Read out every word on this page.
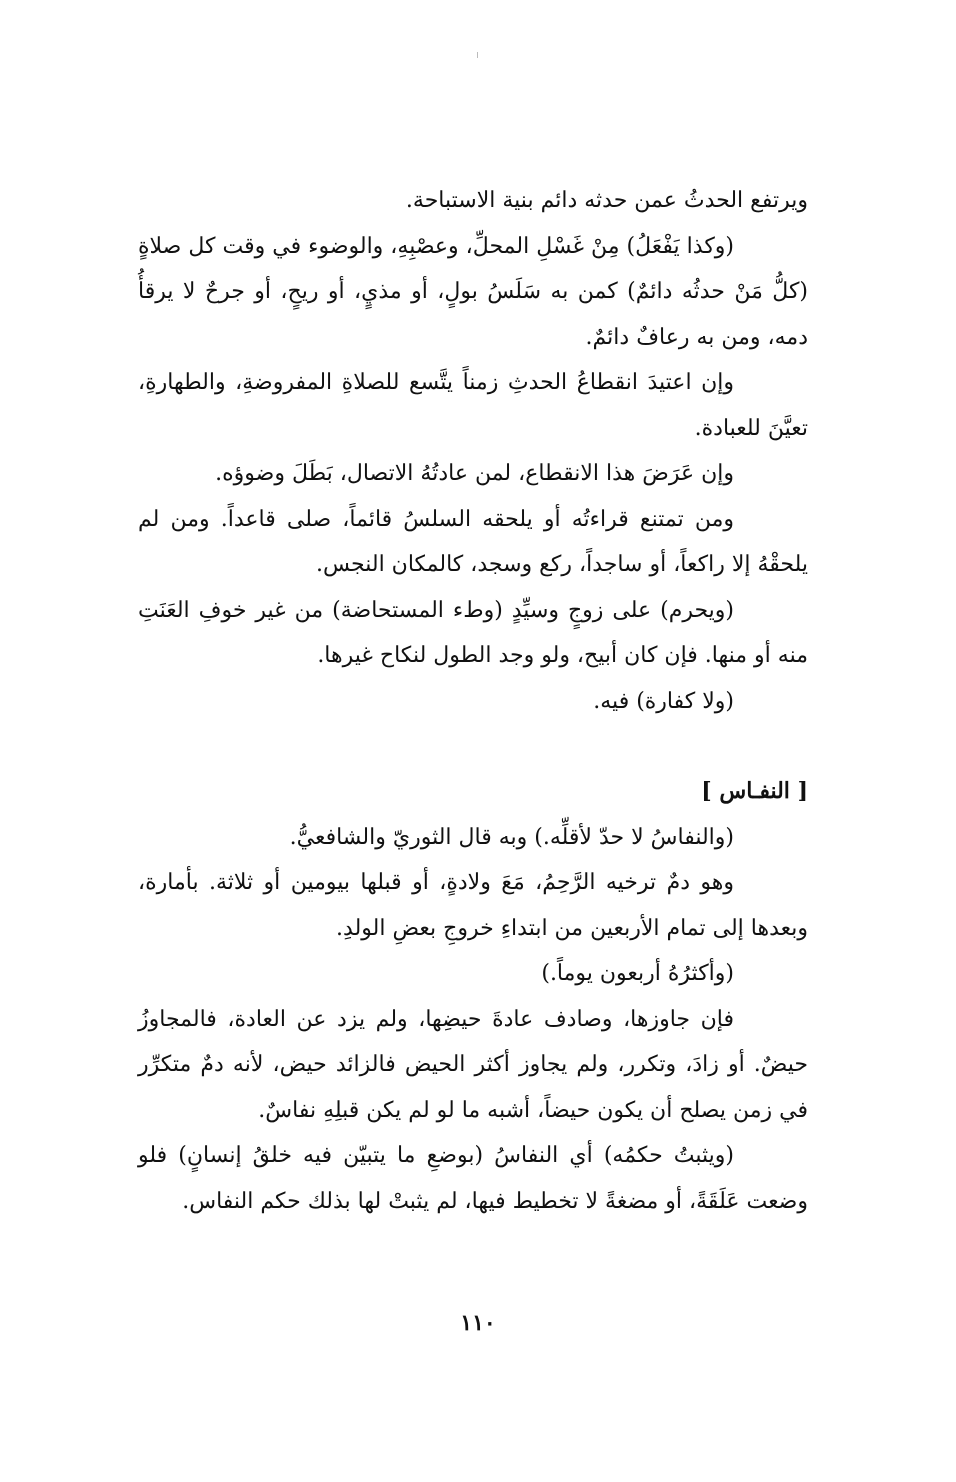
ويرتفع الحدثُ عمن حدثه دائم بنية الاستباحة.

(وكذا يَفْعَلُ) مِنْ غَسْلِ المحلِّ، وعصْبِهِ، والوضوء في وقت كل صلاةٍ (كلُّ مَنْ حدثُه دائمٌ) كمن به سَلَسُ بولٍ، أو مذيٍ، أو ريحٍ، أو جرحٌ لا يرقأُ دمه، ومن به رعافٌ دائمٌ.

وإن اعتيدَ انقطاعُ الحدثِ زمناً يتَّسع للصلاةِ المفروضةِ، والطهارةِ، تعيَّنَ للعبادة.

وإن عَرَضَ هذا الانقطاع، لمن عادتُهُ الاتصال، بَطَلَ وضوؤه.

ومن تمتنع قراءتُه أو يلحقه السلسُ قائماً، صلى قاعداً. ومن لم يلحقْهُ إلا راكعاً، أو ساجداً، ركع وسجد، كالمكان النجس.

(ويحرم) على زوجٍ وسيِّدٍ (وطء المستحاضة) من غير خوفِ العَنَتِ منه أو منها. فإن كان أبيح، ولو وجد الطول لنكاح غيرها.

(ولا كفارة) فيه.

[ النفـاس ]

(والنفاسُ لا حدّ لأقلِّه.) وبه قال الثوريّ والشافعيُّ.

وهو دمٌ ترخيه الرَّحِمُ، مَعَ ولادةٍ، أو قبلها بيومين أو ثلاثة. بأمارة، وبعدها إلى تمام الأربعين من ابتداءِ خروجِ بعضِ الولدِ.

(وأكثرُهُ أربعون يوماً.)

فإن جاوزها، وصادف عادةَ حيضِها، ولم يزد عن العادة، فالمجاوزُ حيضٌ. أو زادَ، وتكرر، ولم يجاوز أكثر الحيض فالزائد حيض، لأنه دمٌ متكرِّر في زمن يصلح أن يكون حيضاً، أشبه ما لو لم يكن قبلِهِ نفاسٌ.

(ويثبتُ حكمُه) أي النفاسُ (بوضعِ ما يتبيّن فيه خلقُ إنسانٍ) فلو وضعت عَلَقَةً، أو مضغةً لا تخطيط فيها، لم يثبتْ لها بذلك حكم النفاس.

١١٠
